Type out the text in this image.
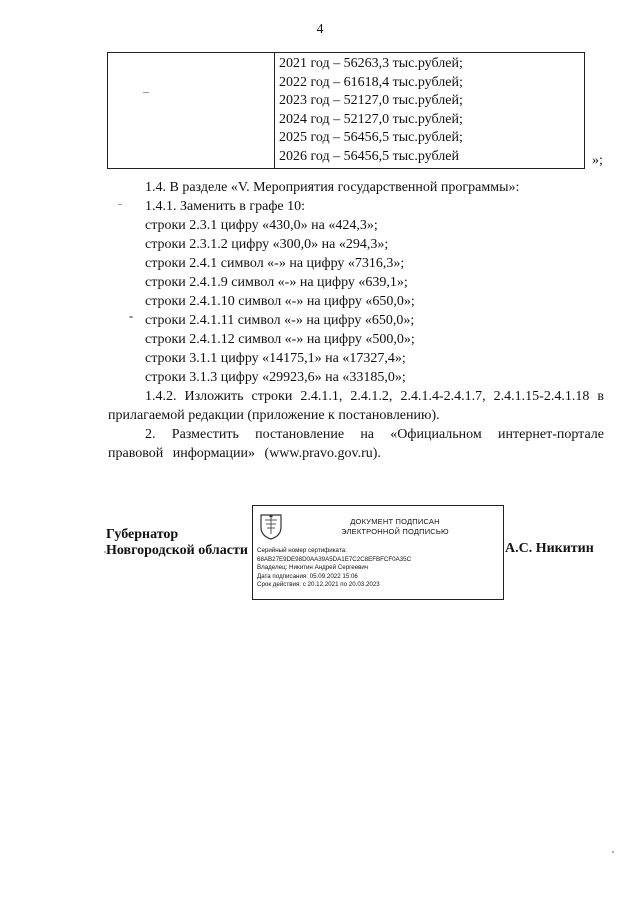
4

2021 год – 56263,3 тыс.рублей;
2022 год – 61618,4 тыс.рублей;
2023 год – 52127,0 тыс.рублей;
2024 год – 52127,0 тыс.рублей;
2025 год – 56456,5 тыс.рублей;
2026 год – 56456,5 тыс.рублей	»;
1.4. В разделе «V. Мероприятия государственной программы»:
1.4.1. Заменить в графе 10:
строки 2.3.1 цифру «430,0» на «424,3»;
строки 2.3.1.2 цифру «300,0» на «294,3»;
строки 2.4.1 символ «-» на цифру «7316,3»;
строки 2.4.1.9 символ «-» на цифру «639,1»;
строки 2.4.1.10 символ «-» на цифру «650,0»;
строки 2.4.1.11 символ «-» на цифру «650,0»;
строки 2.4.1.12 символ «-» на цифру «500,0»;
строки 3.1.1 цифру «14175,1» на «17327,4»;
строки 3.1.3 цифру «29923,6» на «33185,0»;
1.4.2. Изложить строки 2.4.1.1, 2.4.1.2, 2.4.1.4-2.4.1.7, 2.4.1.15-2.4.1.18 в прилагаемой редакции (приложение к постановлению).
2. Разместить постановление на «Официальном интернет-портале правовой информации» (www.pravo.gov.ru).
Губернатор
Новгородской области
ДОКУМЕНТ ПОДПИСАН
ЭЛЕКТРОННОЙ ПОДПИСЬЮ
Серийный номер сертификата:
68AB27E9DE98D0AA39A5DA1E7C2C8EFBFCF0A35C
Владелец: Никитин Андрей Сергеевич
Дата подписания: 05.09.2022 15:06
Срок действия: с 20.12.2021 по 20.03.2023
А.С. Никитин
